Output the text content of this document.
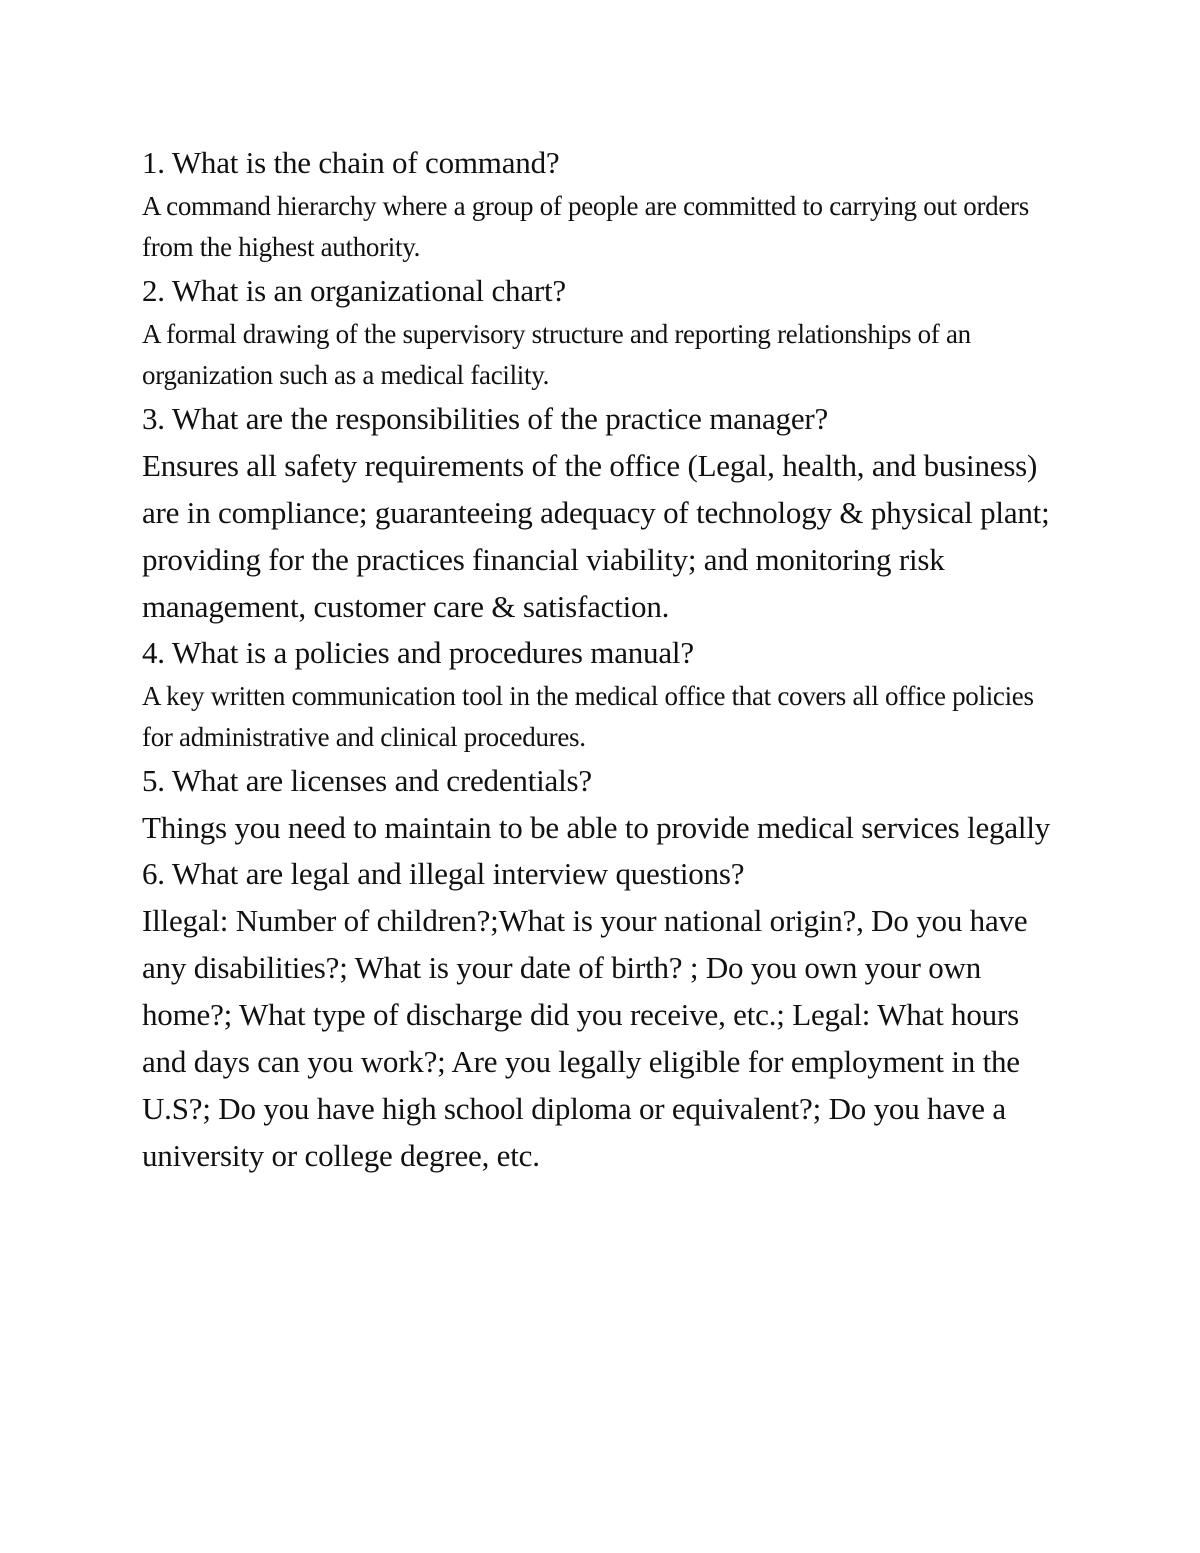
1. What is the chain of command?

A command hierarchy where a group of people are committed to carrying out orders from the highest authority.

2. What is an organizational chart?

A formal drawing of the supervisory structure and reporting relationships of an organization such as a medical facility.

3. What are the responsibilities of the practice manager?

Ensures all safety requirements of the office (Legal, health, and business) are in compliance; guaranteeing adequacy of technology & physical plant; providing for the practices financial viability; and monitoring risk management, customer care & satisfaction.

4. What is a policies and procedures manual?

A key written communication tool in the medical office that covers all office policies for administrative and clinical procedures.

5. What are licenses and credentials?

Things you need to maintain to be able to provide medical services legally

6. What are legal and illegal interview questions?

Illegal: Number of children?;What is your national origin?, Do you have any disabilities?; What is your date of birth? ; Do you own your own home?; What type of discharge did you receive, etc.; Legal: What hours and days can you work?; Are you legally eligible for employment in the U.S?; Do you have high school diploma or equivalent?; Do you have a university or college degree, etc.
